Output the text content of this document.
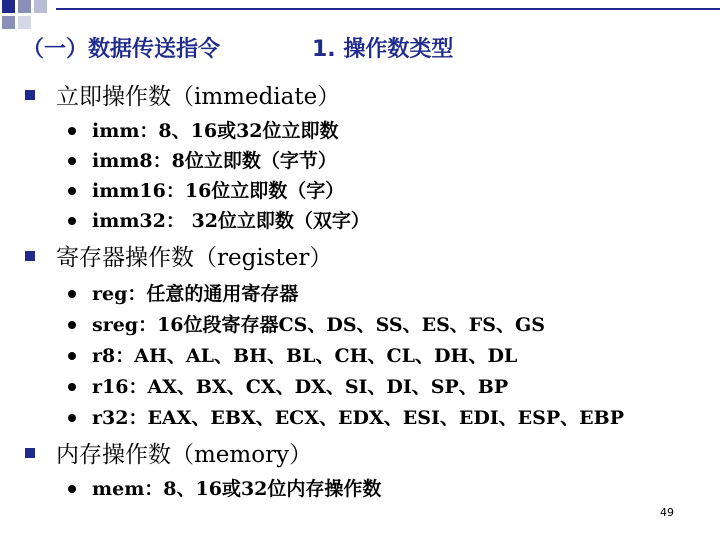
（一）数据传送指令	1. 操作数类型
立即操作数（immediate）
imm：8、16或32位立即数
imm8：8位立即数（字节）
imm16：16位立即数（字）
imm32： 32位立即数（双字）
寄存器操作数（register）
reg：任意的通用寄存器
sreg：16位段寄存器CS、DS、SS、ES、FS、GS
r8：AH、AL、BH、BL、CH、CL、DH、DL
r16：AX、BX、CX、DX、SI、DI、SP、BP
r32：EAX、EBX、ECX、EDX、ESI、EDI、ESP、EBP
内存操作数（memory）
mem：8、16或32位内存操作数
49
